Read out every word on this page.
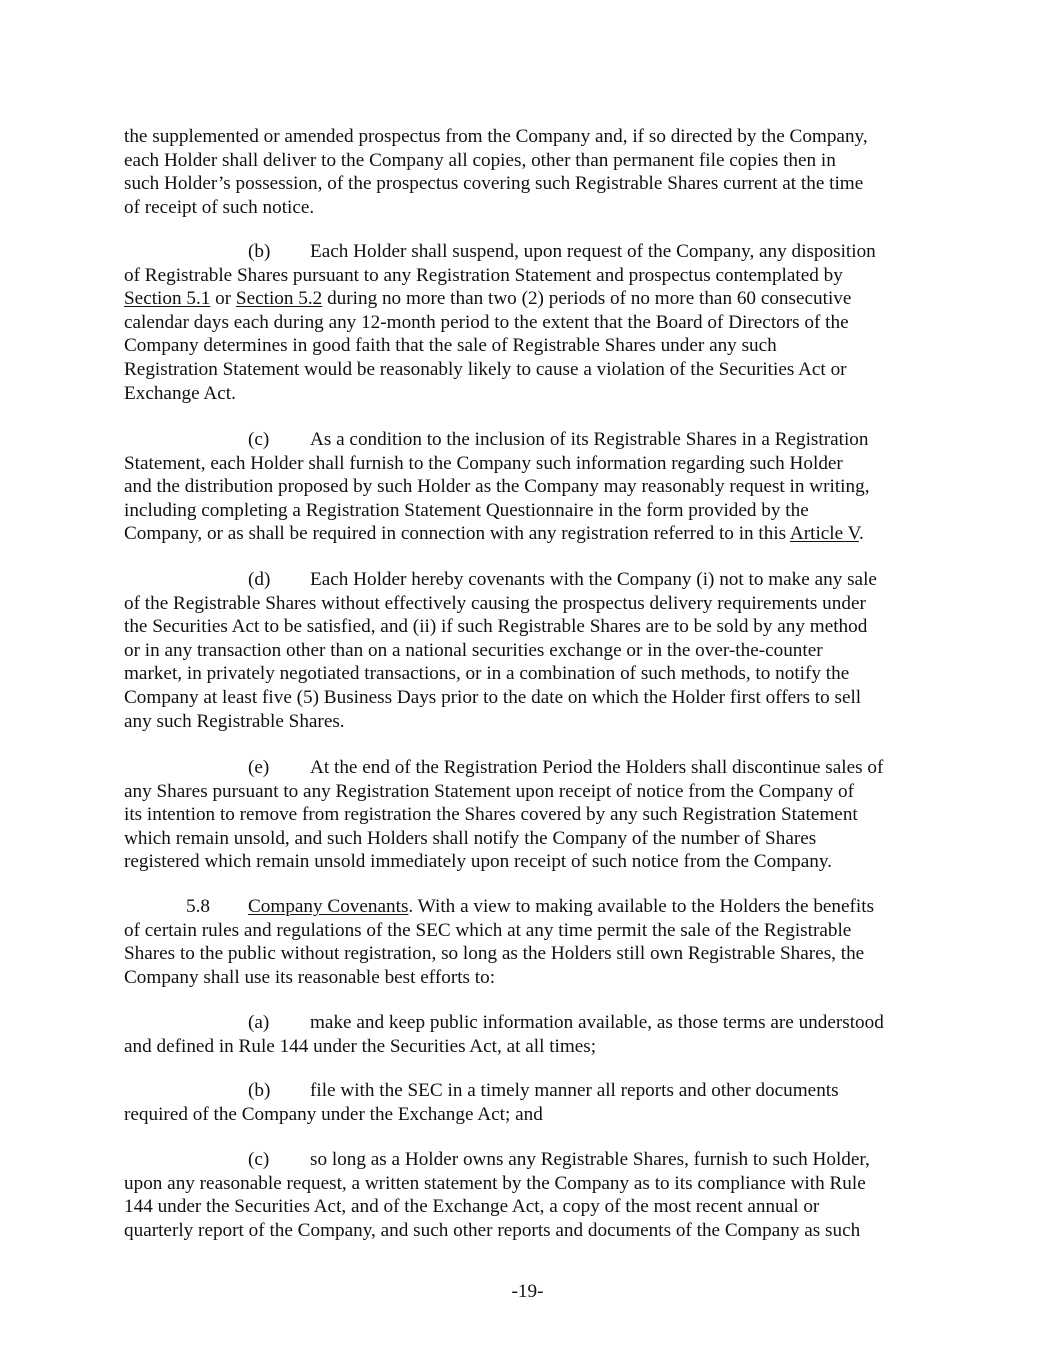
the supplemented or amended prospectus from the Company and, if so directed by the Company,
each Holder shall deliver to the Company all copies, other than permanent file copies then in
such Holder’s possession, of the prospectus covering such Registrable Shares current at the time
of receipt of such notice.
(b) Each Holder shall suspend, upon request of the Company, any disposition
of Registrable Shares pursuant to any Registration Statement and prospectus contemplated by
Section 5.1 or Section 5.2 during no more than two (2) periods of no more than 60 consecutive
calendar days each during any 12-month period to the extent that the Board of Directors of the
Company determines in good faith that the sale of Registrable Shares under any such
Registration Statement would be reasonably likely to cause a violation of the Securities Act or
Exchange Act.
(c) As a condition to the inclusion of its Registrable Shares in a Registration
Statement, each Holder shall furnish to the Company such information regarding such Holder
and the distribution proposed by such Holder as the Company may reasonably request in writing,
including completing a Registration Statement Questionnaire in the form provided by the
Company, or as shall be required in connection with any registration referred to in this Article V.
(d) Each Holder hereby covenants with the Company (i) not to make any sale
of the Registrable Shares without effectively causing the prospectus delivery requirements under
the Securities Act to be satisfied, and (ii) if such Registrable Shares are to be sold by any method
or in any transaction other than on a national securities exchange or in the over-the-counter
market, in privately negotiated transactions, or in a combination of such methods, to notify the
Company at least five (5) Business Days prior to the date on which the Holder first offers to sell
any such Registrable Shares.
(e) At the end of the Registration Period the Holders shall discontinue sales of
any Shares pursuant to any Registration Statement upon receipt of notice from the Company of
its intention to remove from registration the Shares covered by any such Registration Statement
which remain unsold, and such Holders shall notify the Company of the number of Shares
registered which remain unsold immediately upon receipt of such notice from the Company.
5.8 Company Covenants. With a view to making available to the Holders the benefits
of certain rules and regulations of the SEC which at any time permit the sale of the Registrable
Shares to the public without registration, so long as the Holders still own Registrable Shares, the
Company shall use its reasonable best efforts to:
(a) make and keep public information available, as those terms are understood
and defined in Rule 144 under the Securities Act, at all times;
(b) file with the SEC in a timely manner all reports and other documents
required of the Company under the Exchange Act; and
(c) so long as a Holder owns any Registrable Shares, furnish to such Holder,
upon any reasonable request, a written statement by the Company as to its compliance with Rule
144 under the Securities Act, and of the Exchange Act, a copy of the most recent annual or
quarterly report of the Company, and such other reports and documents of the Company as such
-19-
